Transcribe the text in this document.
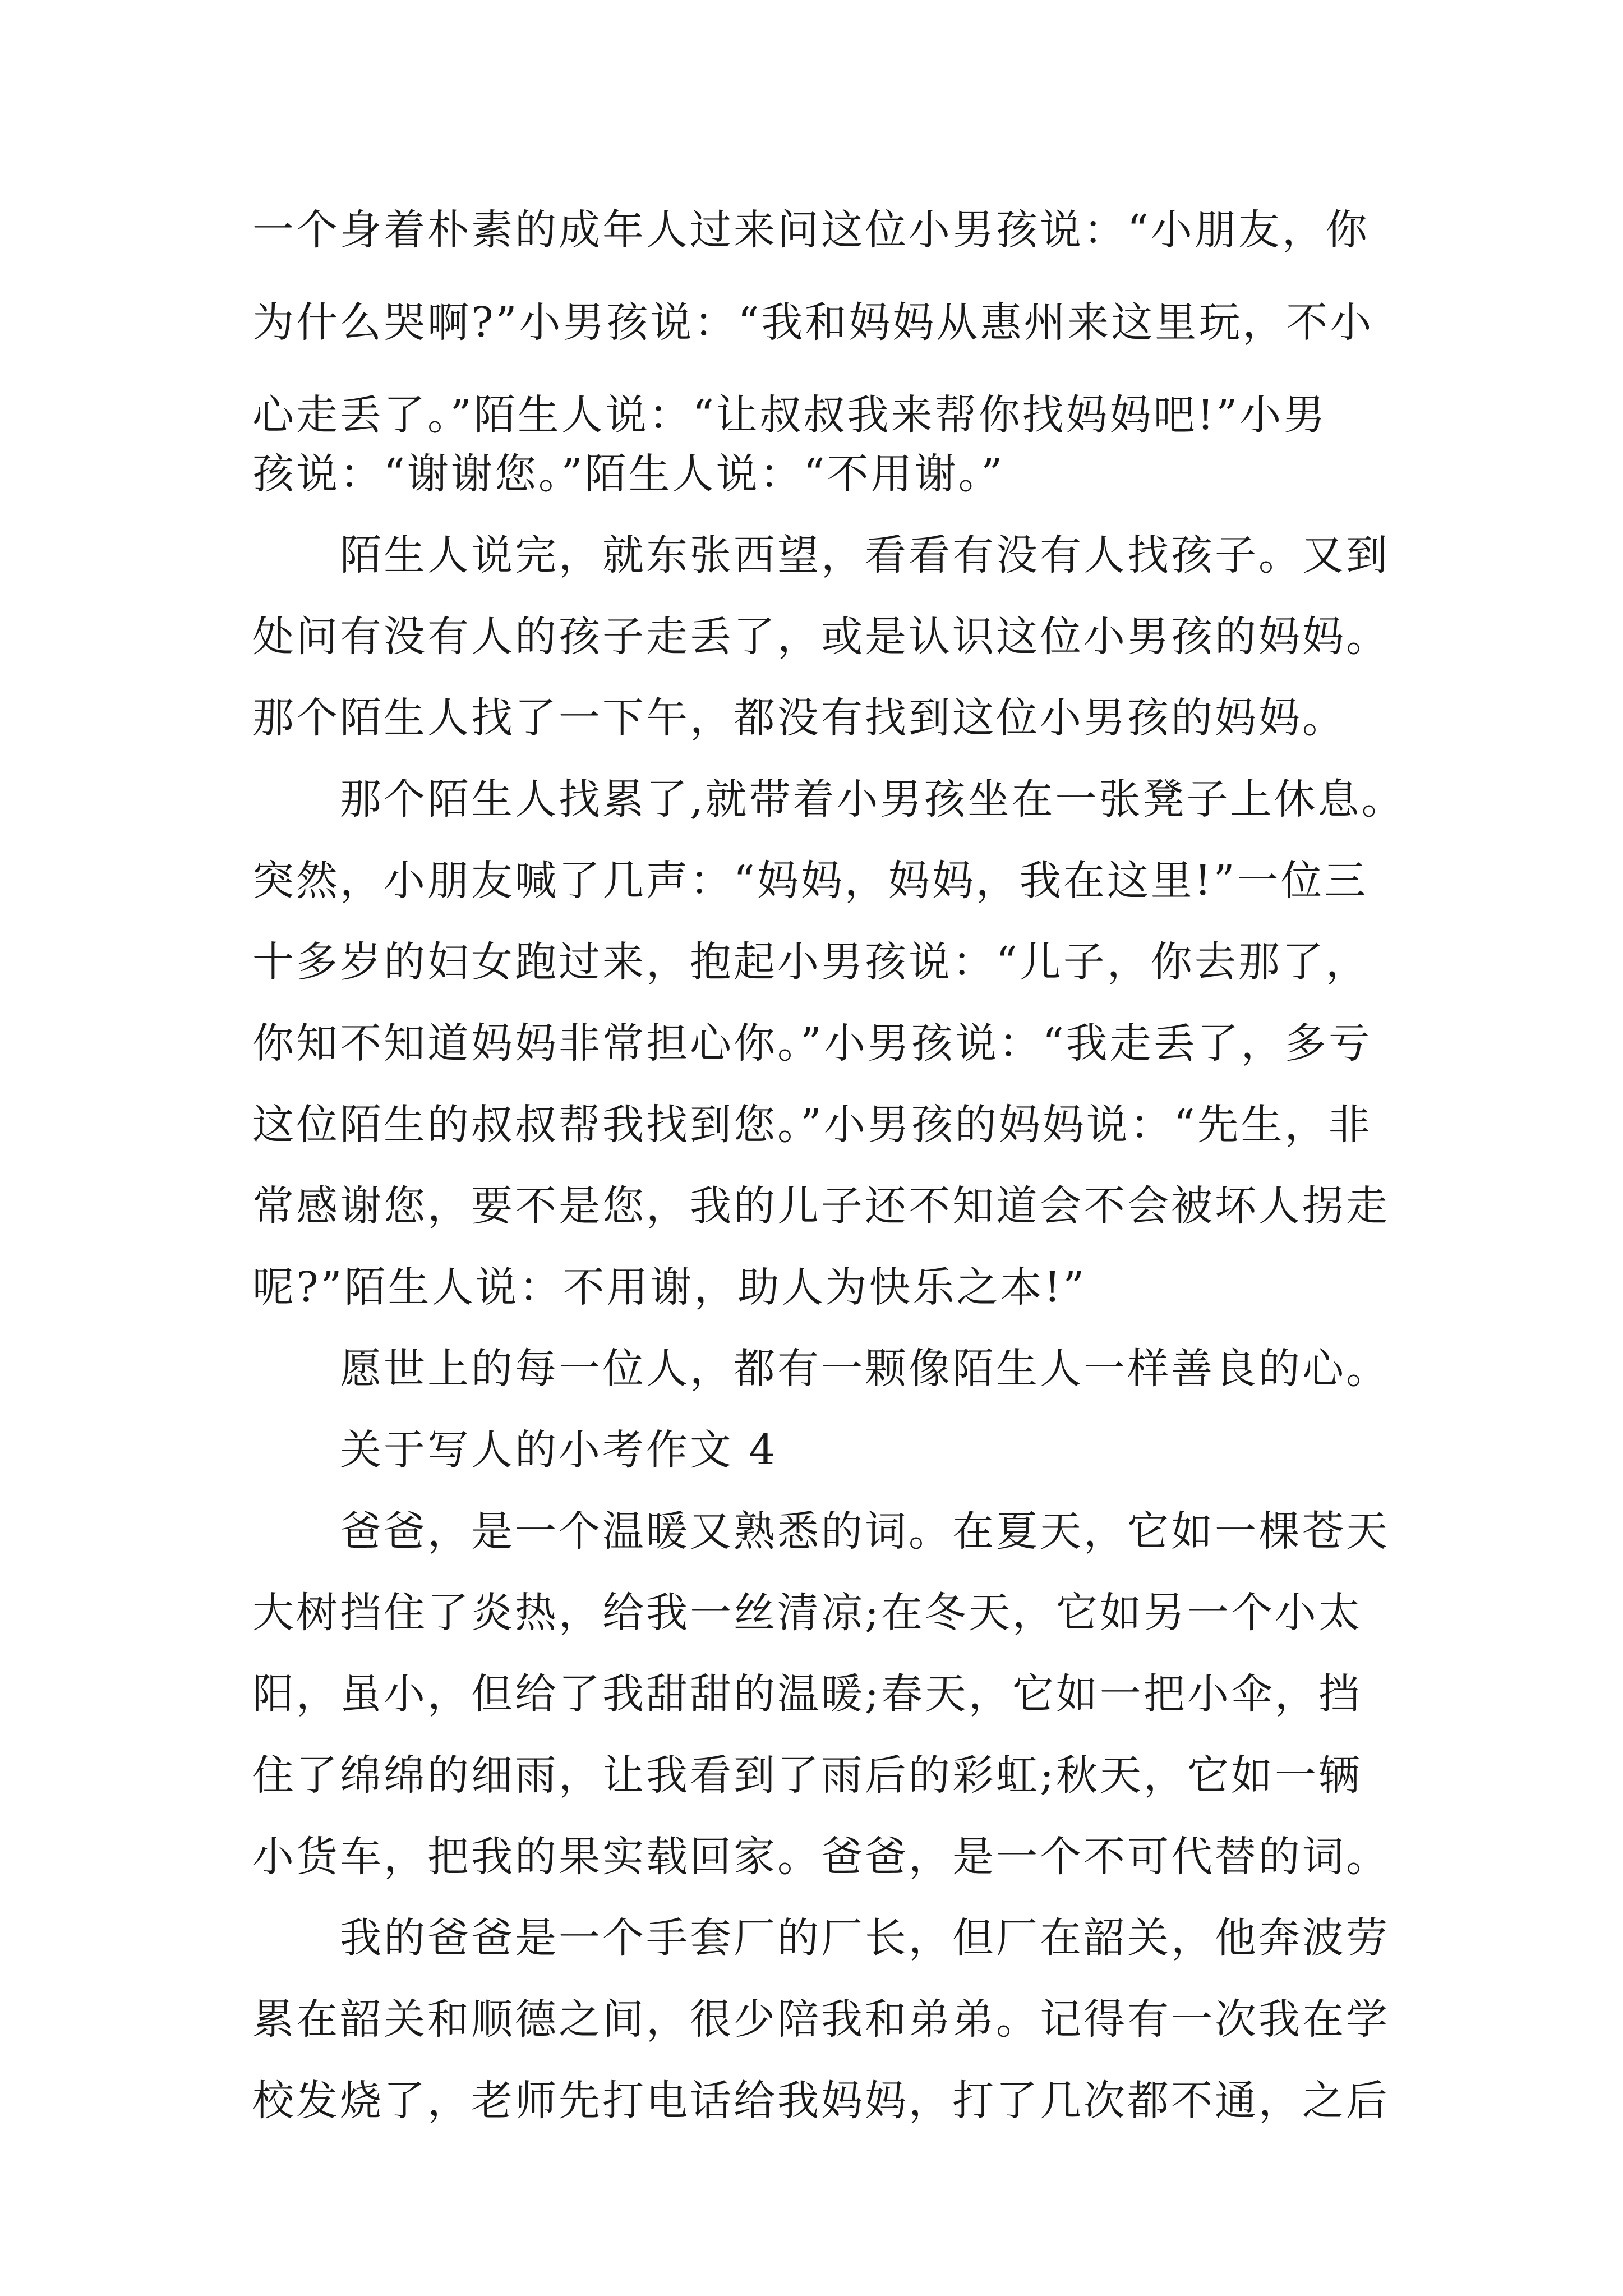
一个身着朴素的成年人过来问这位小男孩说：“小朋友，你
为什么哭啊?”小男孩说：“我和妈妈从惠州来这里玩，不小
心走丢了。”陌生人说：“让叔叔我来帮你找妈妈吧!”小男
孩说：“谢谢您。”陌生人说：“不用谢。”
陌生人说完，就东张西望，看看有没有人找孩子。又到
处问有没有人的孩子走丢了，或是认识这位小男孩的妈妈。
那个陌生人找了一下午，都没有找到这位小男孩的妈妈。
那个陌生人找累了,就带着小男孩坐在一张凳子上休息。
突然，小朋友喊了几声：“妈妈，妈妈，我在这里!”一位三
十多岁的妇女跑过来，抱起小男孩说：“儿子，你去那了，
你知不知道妈妈非常担心你。”小男孩说：“我走丢了，多亏
这位陌生的叔叔帮我找到您。”小男孩的妈妈说：“先生，非
常感谢您，要不是您，我的儿子还不知道会不会被坏人拐走
呢?”陌生人说：不用谢，助人为快乐之本!”
愿世上的每一位人，都有一颗像陌生人一样善良的心。
关于写人的小考作文 4
爸爸，是一个温暖又熟悉的词。在夏天，它如一棵苍天
大树挡住了炎热，给我一丝清凉;在冬天，它如另一个小太
阳，虽小，但给了我甜甜的温暖;春天，它如一把小伞，挡
住了绵绵的细雨，让我看到了雨后的彩虹;秋天，它如一辆
小货车，把我的果实载回家。爸爸，是一个不可代替的词。
我的爸爸是一个手套厂的厂长，但厂在韶关，他奔波劳
累在韶关和顺德之间，很少陪我和弟弟。记得有一次我在学
校发烧了，老师先打电话给我妈妈，打了几次都不通，之后
